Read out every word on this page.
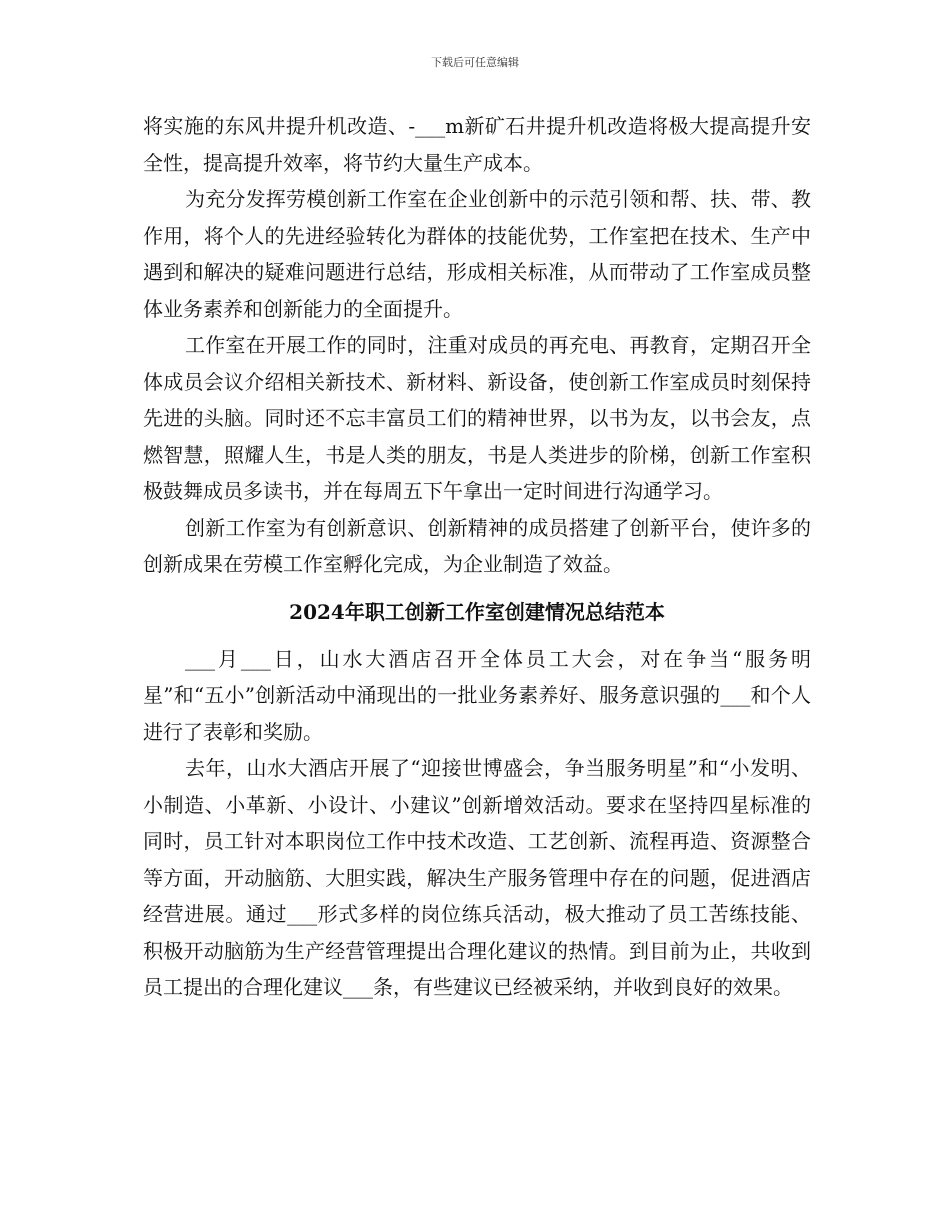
下载后可任意编辑

将实施的东风井提升机改造、-___m新矿石井提升机改造将极大提高提升安全性，提高提升效率，将节约大量生产成本。

为充分发挥劳模创新工作室在企业创新中的示范引领和帮、扶、带、教作用，将个人的先进经验转化为群体的技能优势，工作室把在技术、生产中遇到和解决的疑难问题进行总结，形成相关标准，从而带动了工作室成员整体业务素养和创新能力的全面提升。

工作室在开展工作的同时，注重对成员的再充电、再教育，定期召开全体成员会议介绍相关新技术、新材料、新设备，使创新工作室成员时刻保持先进的头脑。同时还不忘丰富员工们的精神世界，以书为友，以书会友，点燃智慧，照耀人生，书是人类的朋友，书是人类进步的阶梯，创新工作室积极鼓舞成员多读书，并在每周五下午拿出一定时间进行沟通学习。

创新工作室为有创新意识、创新精神的成员搭建了创新平台，使许多的创新成果在劳模工作室孵化完成，为企业制造了效益。

2024年职工创新工作室创建情况总结范本

___月___日，山水大酒店召开全体员工大会，对在争当“服务明星”和“五小”创新活动中涌现出的一批业务素养好、服务意识强的___和个人进行了表彰和奖励。

去年，山水大酒店开展了“迎接世博盛会，争当服务明星”和“小发明、小制造、小革新、小设计、小建议”创新增效活动。要求在坚持四星标准的同时，员工针对本职岗位工作中技术改造、工艺创新、流程再造、资源整合等方面，开动脑筋、大胆实践，解决生产服务管理中存在的问题，促进酒店经营进展。通过___形式多样的岗位练兵活动，极大推动了员工苦练技能、积极开动脑筋为生产经营管理提出合理化建议的热情。到目前为止，共收到员工提出的合理化建议___条，有些建议已经被采纳，并收到良好的效果。
